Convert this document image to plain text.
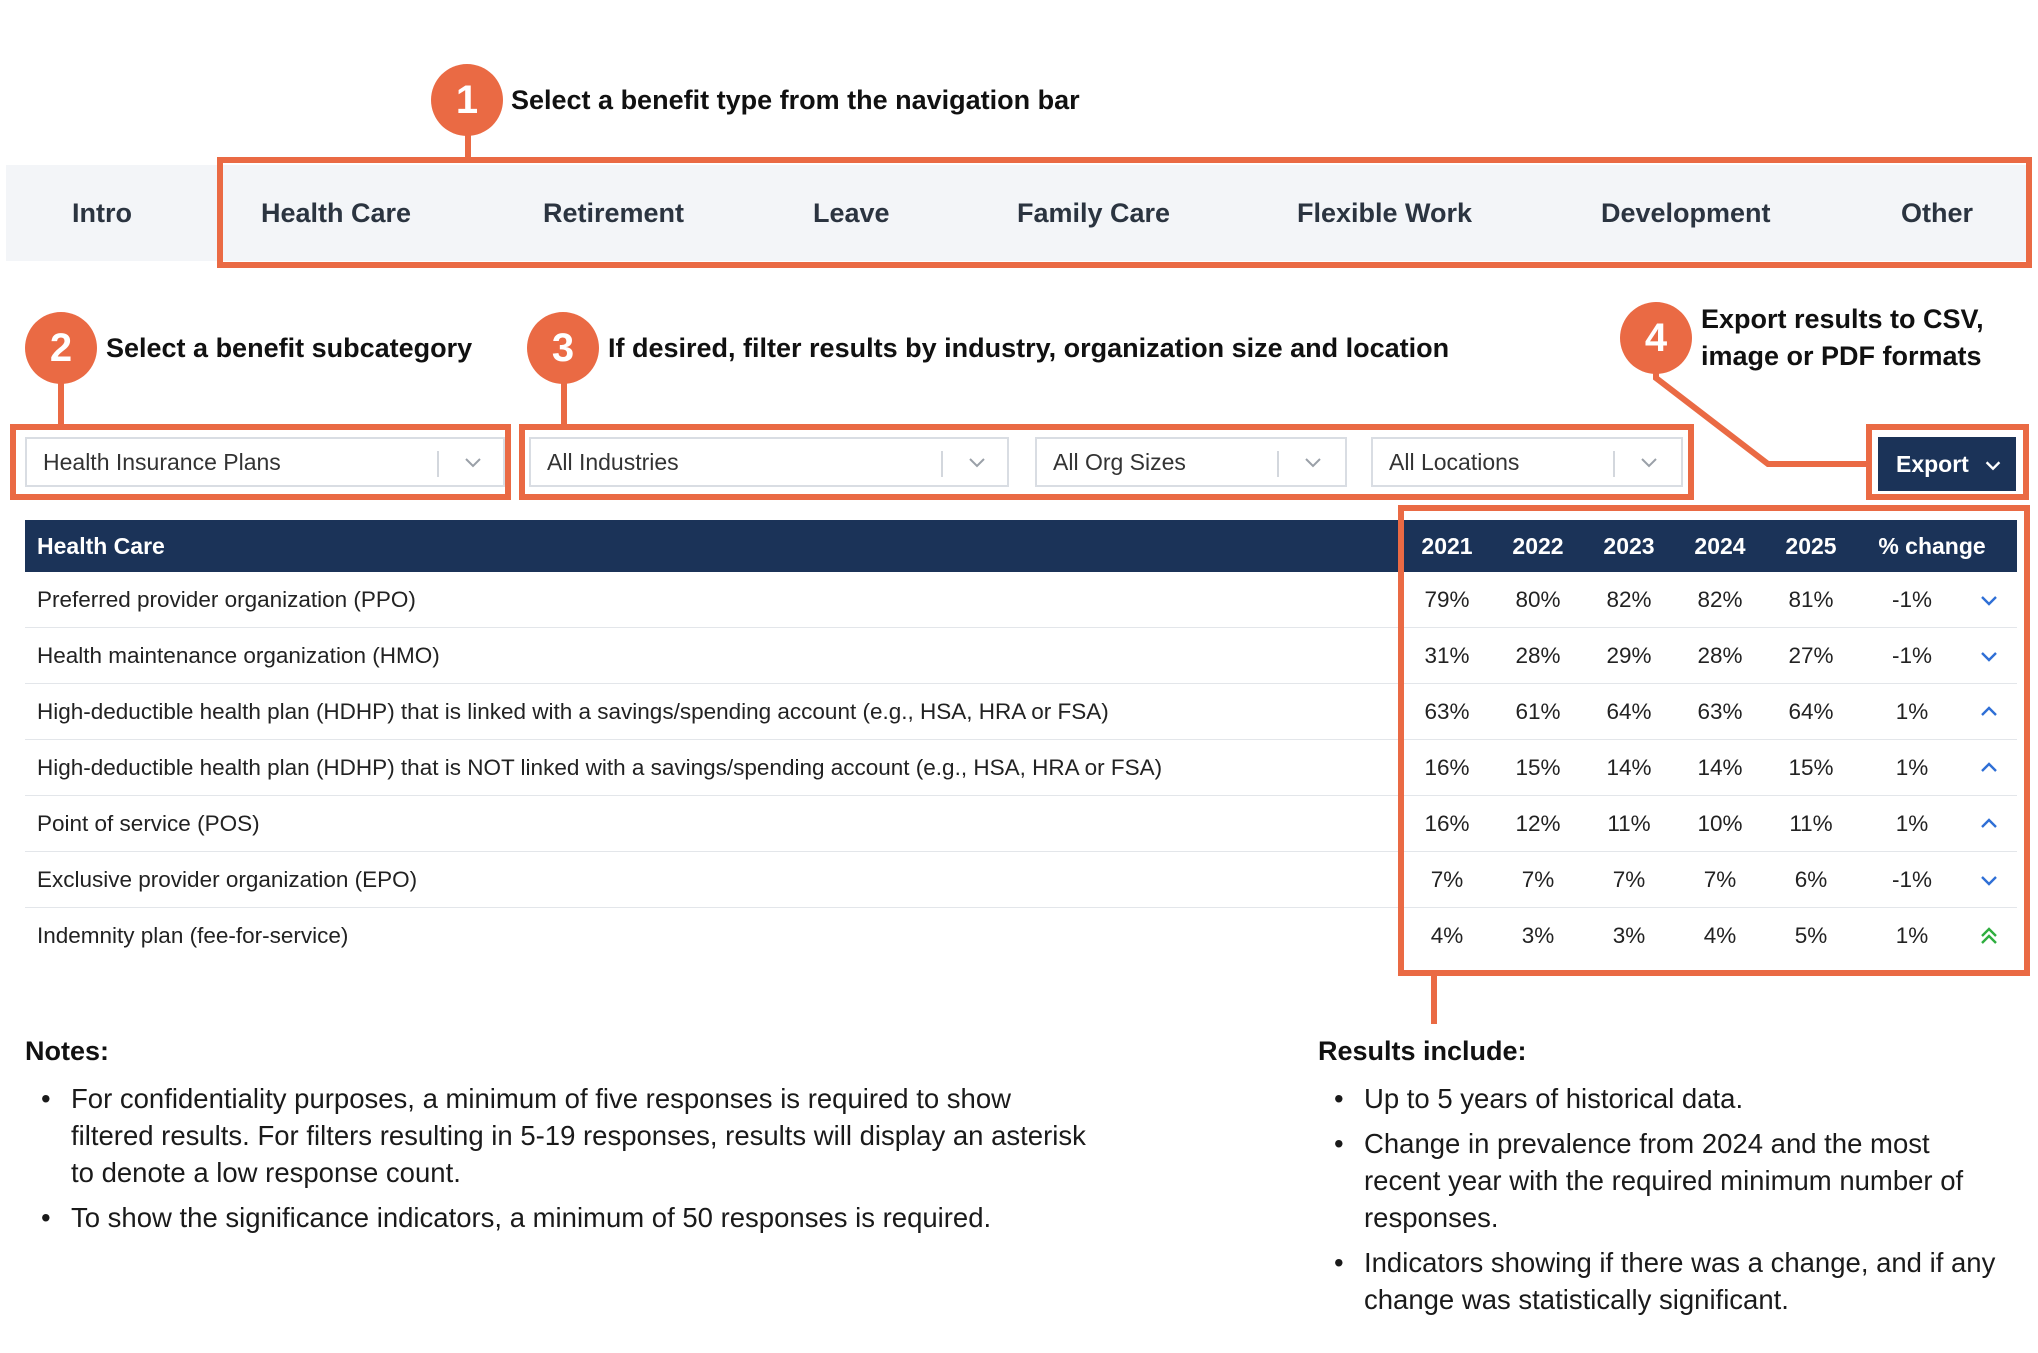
1	Select a benefit type from the navigation bar
Intro	Health Care	Retirement	Leave	Family Care	Flexible Work	Development	Other
2	Select a benefit subcategory	3	If desired, filter results by industry, organization size and location	4	Export results to CSV,
image or PDF formats
Health Insurance Plans	All Industries	All Org Sizes	All Locations	Export
Health Care	2021	2022	2023	2024	2025	% change
Preferred provider organization (PPO)	79%	80%	82%	82%	81%	-1%
Health maintenance organization (HMO)	31%	28%	29%	28%	27%	-1%
High-deductible health plan (HDHP) that is linked with a savings/spending account (e.g., HSA, HRA or FSA)	63%	61%	64%	63%	64%	1%
High-deductible health plan (HDHP) that is NOT linked with a savings/spending account (e.g., HSA, HRA or FSA)	16%	15%	14%	14%	15%	1%
Point of service (POS)	16%	12%	11%	10%	11%	1%
Exclusive provider organization (EPO)	7%	7%	7%	7%	6%	-1%
Indemnity plan (fee-for-service)	4%	3%	3%	4%	5%	1%
Notes:
• For confidentiality purposes, a minimum of five responses is required to show filtered results. For filters resulting in 5-19 responses, results will display an asterisk to denote a low response count.
• To show the significance indicators, a minimum of 50 responses is required.
Results include:
• Up to 5 years of historical data.
• Change in prevalence from 2024 and the most recent year with the required minimum number of responses.
• Indicators showing if there was a change, and if any change was statistically significant.
